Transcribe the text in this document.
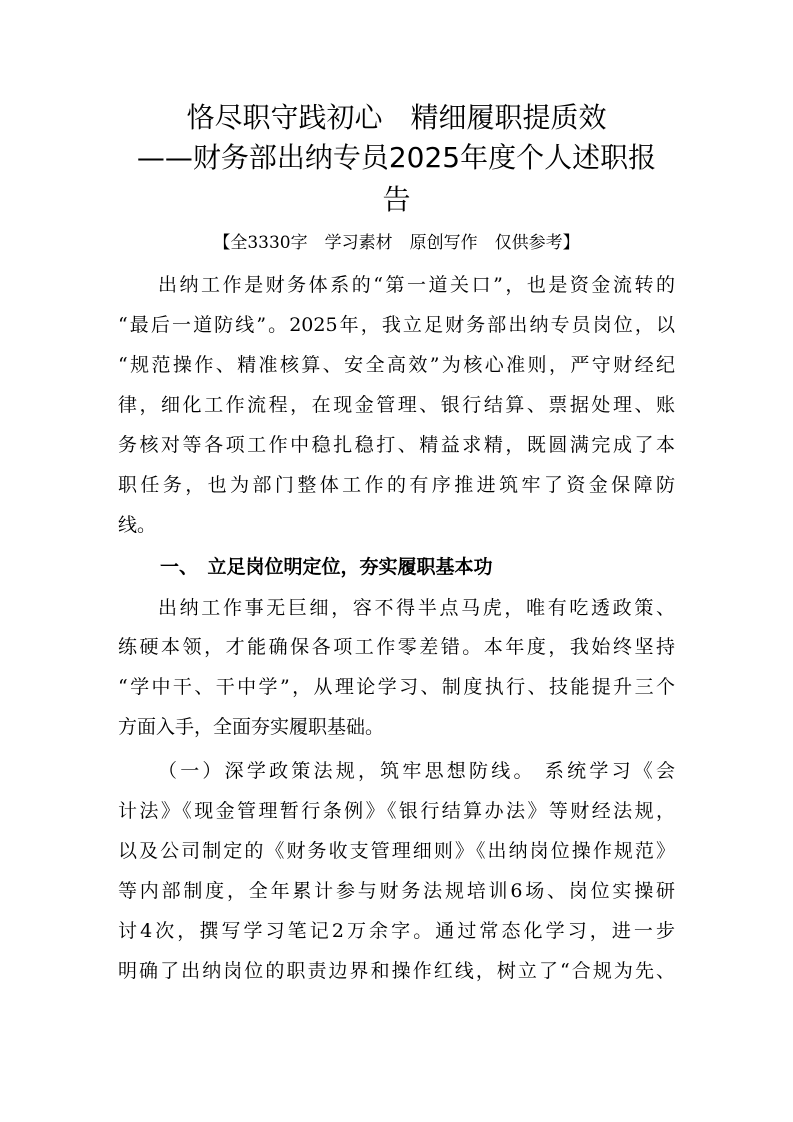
恪尽职守践初心　精细履职提质效
——财务部出纳专员2025年度个人述职报
告
【全3330字　学习素材　原创写作　仅供参考】
出纳工作是财务体系的“第一道关口”，也是资金流转的
“最后一道防线”。2025年，我立足财务部出纳专员岗位，以
“规范操作、精准核算、安全高效”为核心准则，严守财经纪
律，细化工作流程，在现金管理、银行结算、票据处理、账
务核对等各项工作中稳扎稳打、精益求精，既圆满完成了本
职任务，也为部门整体工作的有序推进筑牢了资金保障防
线。
一、　立足岗位明定位，夯实履职基本功
出纳工作事无巨细，容不得半点马虎，唯有吃透政策、
练硬本领，才能确保各项工作零差错。本年度，我始终坚持
“学中干、干中学”，从理论学习、制度执行、技能提升三个
方面入手，全面夯实履职基础。
（一）深学政策法规，筑牢思想防线。 系统学习《会
计法》《现金管理暂行条例》《银行结算办法》等财经法规，
以及公司制定的《财务收支管理细则》《出纳岗位操作规范》
等内部制度，全年累计参与财务法规培训6场、岗位实操研
讨4次，撰写学习笔记2万余字。通过常态化学习，进一步
明确了出纳岗位的职责边界和操作红线，树立了“合规为先、
